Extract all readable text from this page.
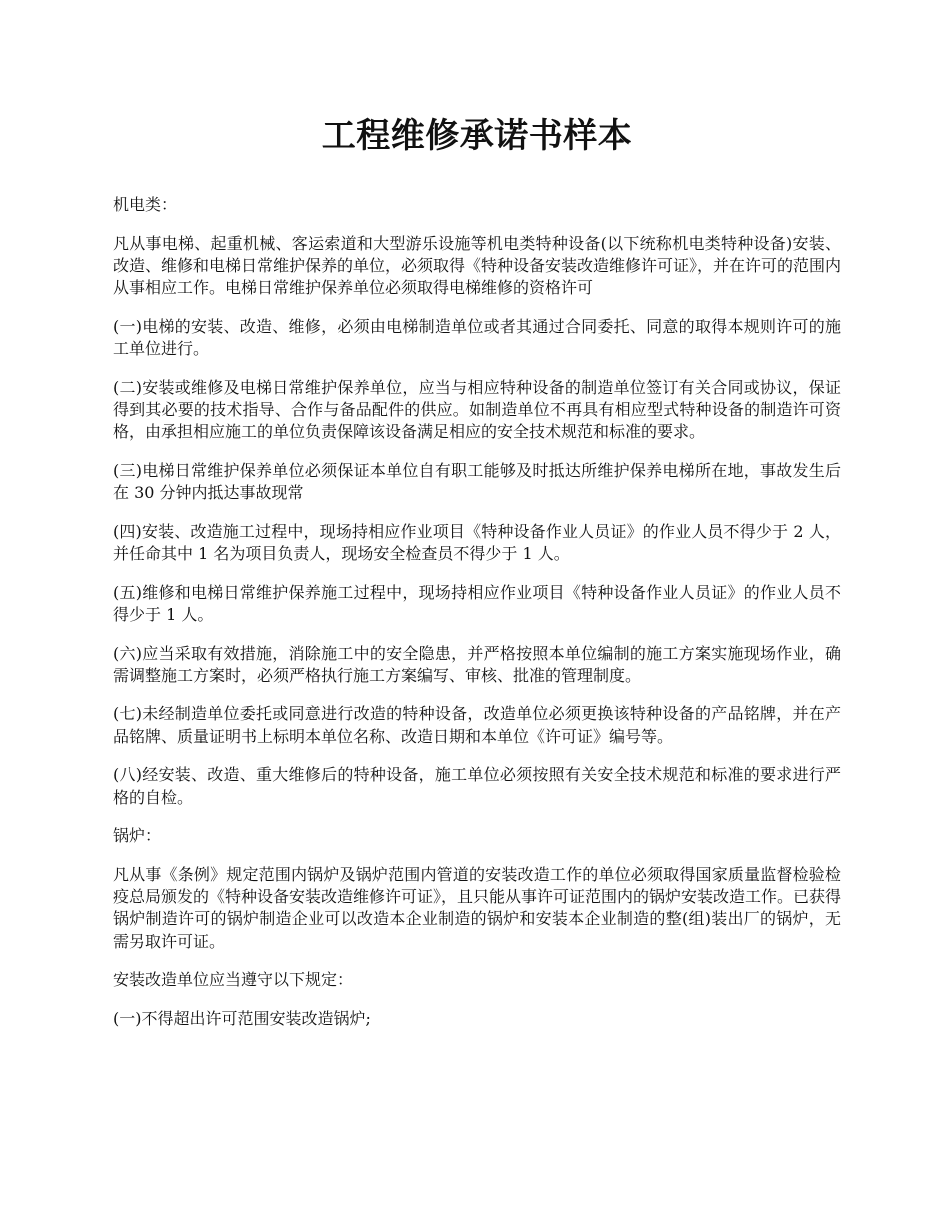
工程维修承诺书样本

机电类：

凡从事电梯、起重机械、客运索道和大型游乐设施等机电类特种设备(以下统称机电类特种设备)安装、改造、维修和电梯日常维护保养的单位，必须取得《特种设备安装改造维修许可证》，并在许可的范围内从事相应工作。电梯日常维护保养单位必须取得电梯维修的资格许可

(一)电梯的安装、改造、维修，必须由电梯制造单位或者其通过合同委托、同意的取得本规则许可的施工单位进行。

(二)安装或维修及电梯日常维护保养单位，应当与相应特种设备的制造单位签订有关合同或协议，保证得到其必要的技术指导、合作与备品配件的供应。如制造单位不再具有相应型式特种设备的制造许可资格，由承担相应施工的单位负责保障该设备满足相应的安全技术规范和标准的要求。

(三)电梯日常维护保养单位必须保证本单位自有职工能够及时抵达所维护保养电梯所在地，事故发生后在 30 分钟内抵达事故现常

(四)安装、改造施工过程中，现场持相应作业项目《特种设备作业人员证》的作业人员不得少于 2 人，并任命其中 1 名为项目负责人，现场安全检查员不得少于 1 人。

(五)维修和电梯日常维护保养施工过程中，现场持相应作业项目《特种设备作业人员证》的作业人员不得少于 1 人。

(六)应当采取有效措施，消除施工中的安全隐患，并严格按照本单位编制的施工方案实施现场作业，确需调整施工方案时，必须严格执行施工方案编写、审核、批准的管理制度。

(七)未经制造单位委托或同意进行改造的特种设备，改造单位必须更换该特种设备的产品铭牌，并在产品铭牌、质量证明书上标明本单位名称、改造日期和本单位《许可证》编号等。

(八)经安装、改造、重大维修后的特种设备，施工单位必须按照有关安全技术规范和标准的要求进行严格的自检。

锅炉：

凡从事《条例》规定范围内锅炉及锅炉范围内管道的安装改造工作的单位必须取得国家质量监督检验检疫总局颁发的《特种设备安装改造维修许可证》，且只能从事许可证范围内的锅炉安装改造工作。已获得锅炉制造许可的锅炉制造企业可以改造本企业制造的锅炉和安装本企业制造的整(组)装出厂的锅炉，无需另取许可证。

安装改造单位应当遵守以下规定：

(一)不得超出许可范围安装改造锅炉;
